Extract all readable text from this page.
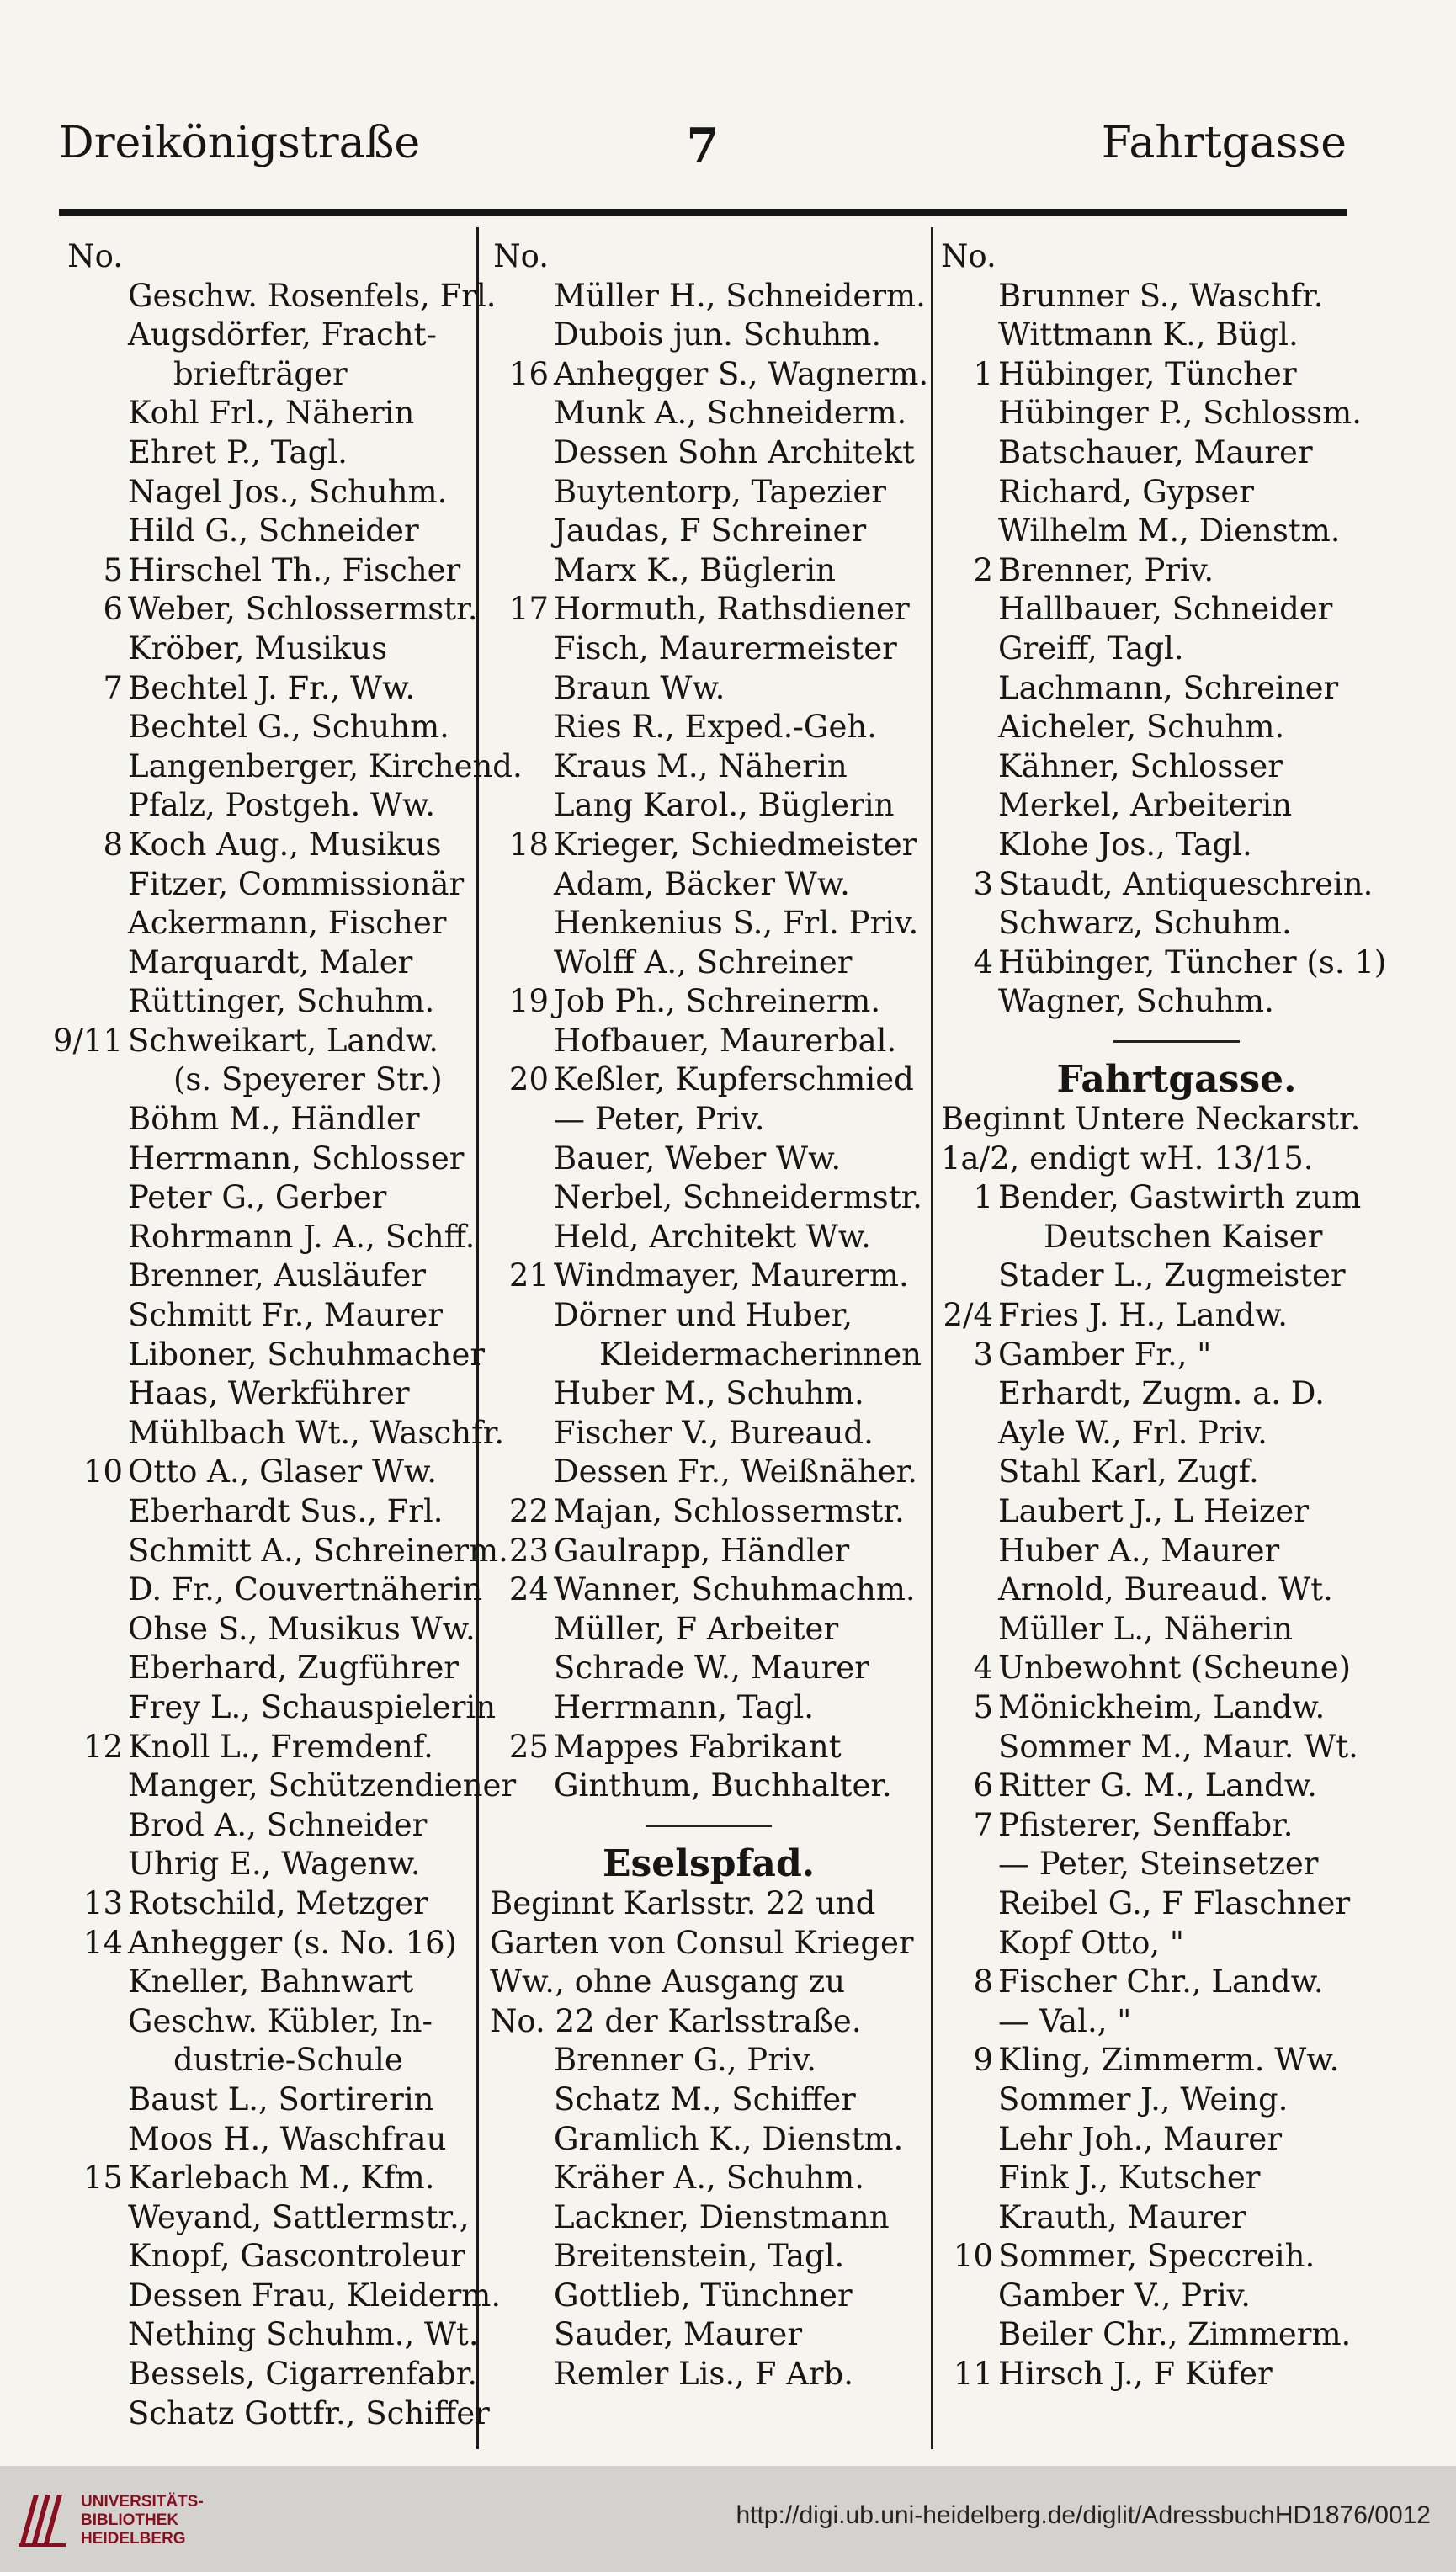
Dreikönigstraße	7	Fahrtgasse
No.
Geschw. Rosenfels, Frl.
Augsdörfer, Fracht-
briefträger
Kohl Frl., Näherin
Ehret P., Tagl.
Nagel Jos., Schuhm.
Hild G., Schneider
5 Hirschel Th., Fischer
6 Weber, Schlossermstr.
Kröber, Musikus
7 Bechtel J. Fr., Ww.
Bechtel G., Schuhm.
Langenberger, Kirchend.
Pfalz, Postgeh. Ww.
8 Koch Aug., Musikus
Fitzer, Commissionär
Ackermann, Fischer
Marquardt, Maler
Rüttinger, Schuhm.
9/11 Schweikart, Landw.
(s. Speyerer Str.)
Böhm M., Händler
Herrmann, Schlosser
Peter G., Gerber
Rohrmann J. A., Schff.
Brenner, Ausläufer
Schmitt Fr., Maurer
Liboner, Schuhmacher
Haas, Werkführer
Mühlbach Wt., Waschfr.
10 Otto A., Glaser Ww.
Eberhardt Sus., Frl.
Schmitt A., Schreinerm.
D. Fr., Couvertnäherin
Ohse S., Musikus Ww.
Eberhard, Zugführer
Frey L., Schauspielerin
12 Knoll L., Fremdenf.
Manger, Schützendiener
Brod A., Schneider
Uhrig E., Wagenw.
13 Rotschild, Metzger
14 Anhegger (s. No. 16)
Kneller, Bahnwart
Geschw. Kübler, In-
dustrie-Schule
Baust L., Sortirerin
Moos H., Waschfrau
15 Karlebach M., Kfm.
Weyand, Sattlermstr.,
Knopf, Gascontroleur
Dessen Frau, Kleiderm.
Nething Schuhm., Wt.
Bessels, Cigarrenfabr.
Schatz Gottfr., Schiffer
No.
Müller H., Schneiderm.
Dubois jun. Schuhm.
16 Anhegger S., Wagnerm.
Munk A., Schneiderm.
Dessen Sohn Architekt
Buytentorp, Tapezier
Jaudas, F Schreiner
Marx K., Büglerin
17 Hormuth, Rathsdiener
Fisch, Maurermeister
Braun Ww.
Ries R., Exped.-Geh.
Kraus M., Näherin
Lang Karol., Büglerin
18 Krieger, Schiedmeister
Adam, Bäcker Ww.
Henkenius S., Frl. Priv.
Wolff A., Schreiner
19 Job Ph., Schreinerm.
Hofbauer, Maurerbal.
20 Keßler, Kupferschmied
— Peter, Priv.
Bauer, Weber Ww.
Nerbel, Schneidermstr.
Held, Architekt Ww.
21 Windmayer, Maurerm.
Dörner und Huber,
Kleidermacherinnen
Huber M., Schuhm.
Fischer V., Bureaud.
Dessen Fr., Weißnäher.
22 Majan, Schlossermstr.
23 Gaulrapp, Händler
24 Wanner, Schuhmachm.
Müller, F Arbeiter
Schrade W., Maurer
Herrmann, Tagl.
25 Mappes Fabrikant
Ginthum, Buchhalter.
Eselspfad.
Beginnt Karlsstr. 22 und
Garten von Consul Krieger
Ww., ohne Ausgang zu
No. 22 der Karlsstraße.
Brenner G., Priv.
Schatz M., Schiffer
Gramlich K., Dienstm.
Kräher A., Schuhm.
Lackner, Dienstmann
Breitenstein, Tagl.
Gottlieb, Tünchner
Sauder, Maurer
Remler Lis., F Arb.
No.
Brunner S., Waschfr.
Wittmann K., Bügl.
1 Hübinger, Tüncher
Hübinger P., Schlossm.
Batschauer, Maurer
Richard, Gypser
Wilhelm M., Dienstm.
2 Brenner, Priv.
Hallbauer, Schneider
Greiff, Tagl.
Lachmann, Schreiner
Aicheler, Schuhm.
Kähner, Schlosser
Merkel, Arbeiterin
Klohe Jos., Tagl.
3 Staudt, Antiqueschrein.
Schwarz, Schuhm.
4 Hübinger, Tüncher (s. 1)
Wagner, Schuhm.
Fahrtgasse.
Beginnt Untere Neckarstr.
1a/2, endigt wH. 13/15.
1 Bender, Gastwirth zum
Deutschen Kaiser
Stader L., Zugmeister
2/4 Fries J. H., Landw.
3 Gamber Fr., "
Erhardt, Zugm. a. D.
Ayle W., Frl. Priv.
Stahl Karl, Zugf.
Laubert J., L Heizer
Huber A., Maurer
Arnold, Bureaud. Wt.
Müller L., Näherin
4 Unbewohnt (Scheune)
5 Mönickheim, Landw.
Sommer M., Maur. Wt.
6 Ritter G. M., Landw.
7 Pfisterer, Senffabr.
— Peter, Steinsetzer
Reibel G., F Flaschner
Kopf Otto, "
8 Fischer Chr., Landw.
— Val., "
9 Kling, Zimmerm. Ww.
Sommer J., Weing.
Lehr Joh., Maurer
Fink J., Kutscher
Krauth, Maurer
10 Sommer, Speccreih.
Gamber V., Priv.
Beiler Chr., Zimmerm.
11 Hirsch J., F Küfer
UNIVERSITÄTS-
BIBLIOTHEK
HEIDELBERG
http://digi.ub.uni-heidelberg.de/diglit/AdressbuchHD1876/0012
